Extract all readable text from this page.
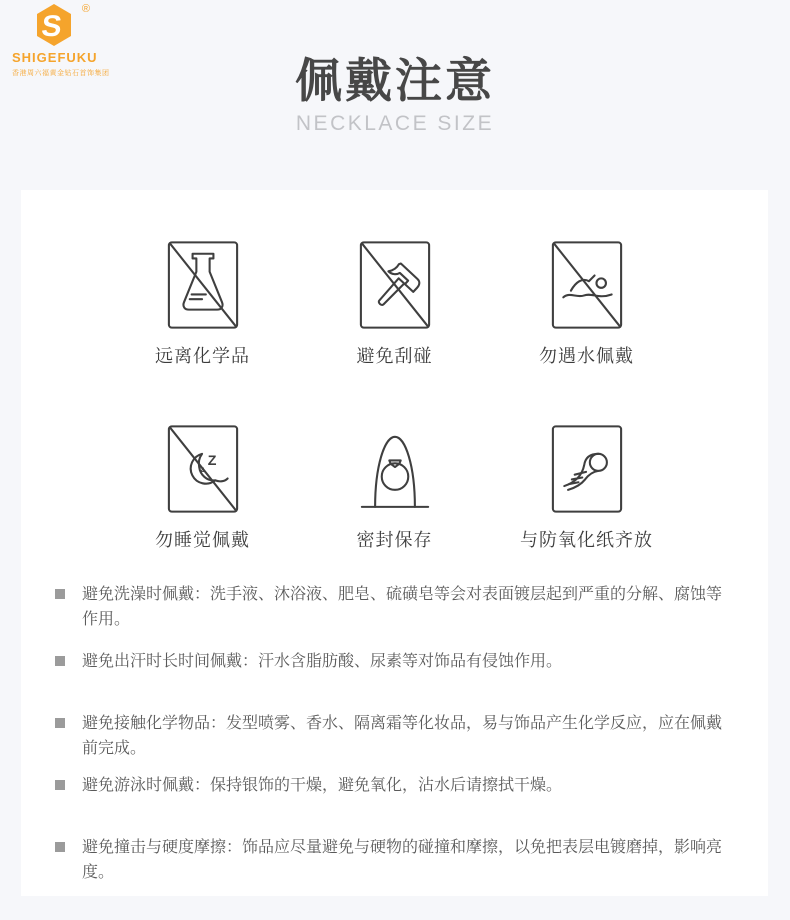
S
®
SHIGEFUKU
香港周六福黄金钻石首饰集团	佩戴注意
NECKLACE SIZE
远离化学品	避免刮碰	勿遇水佩戴
Z
z
勿睡觉佩戴	密封保存	与防氧化纸齐放
避免洗澡时佩戴：洗手液、沐浴液、肥皂、硫磺皂等会对表面镀层起到严重的分解、腐蚀等作用。
避免出汗时长时间佩戴：汗水含脂肪酸、尿素等对饰品有侵蚀作用。
避免接触化学物品：发型喷雾、香水、隔离霜等化妆品，易与饰品产生化学反应，应在佩戴前完成。
避免游泳时佩戴：保持银饰的干燥，避免氧化，沾水后请擦拭干燥。
避免撞击与硬度摩擦：饰品应尽量避免与硬物的碰撞和摩擦，以免把表层电镀磨掉，影响亮度。
